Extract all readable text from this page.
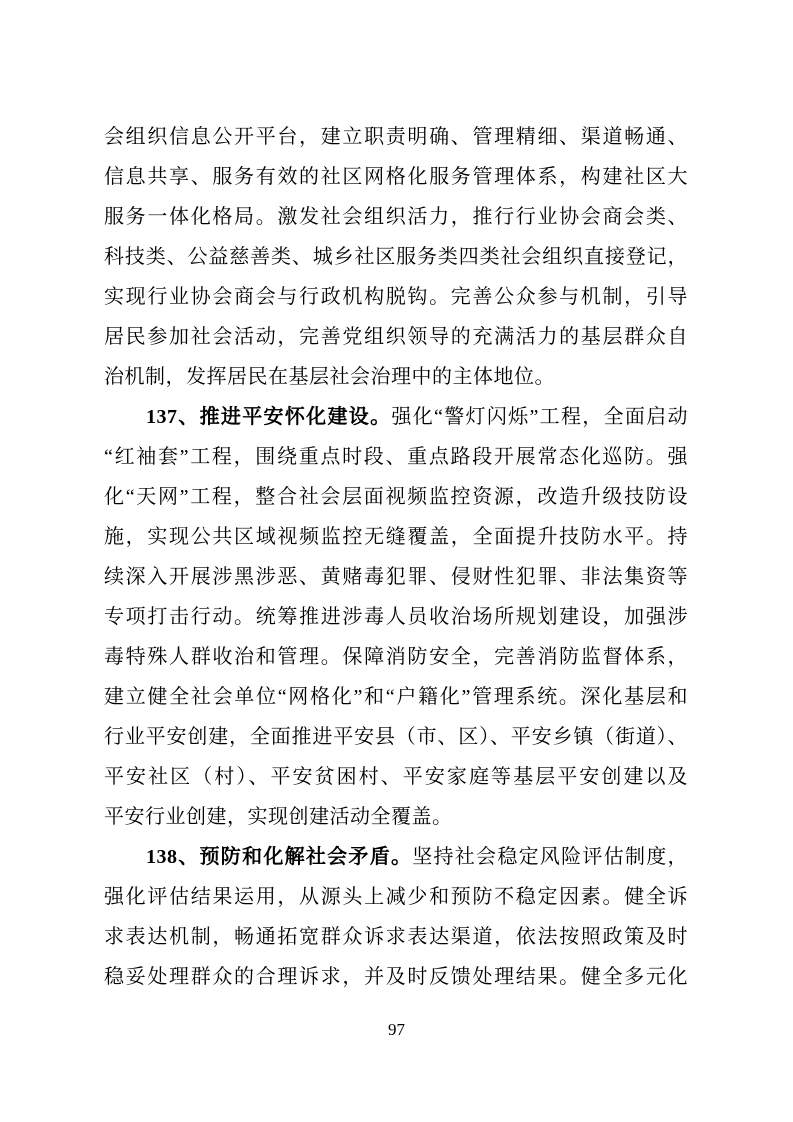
会组织信息公开平台，建立职责明确、管理精细、渠道畅通、
信息共享、服务有效的社区网格化服务管理体系，构建社区大
服务一体化格局。激发社会组织活力，推行行业协会商会类、
科技类、公益慈善类、城乡社区服务类四类社会组织直接登记，
实现行业协会商会与行政机构脱钩。完善公众参与机制，引导
居民参加社会活动，完善党组织领导的充满活力的基层群众自
治机制，发挥居民在基层社会治理中的主体地位。
137、推进平安怀化建设。强化“警灯闪烁”工程，全面启动
“红袖套”工程，围绕重点时段、重点路段开展常态化巡防。强
化“天网”工程，整合社会层面视频监控资源，改造升级技防设
施，实现公共区域视频监控无缝覆盖，全面提升技防水平。持
续深入开展涉黑涉恶、黄赌毒犯罪、侵财性犯罪、非法集资等
专项打击行动。统筹推进涉毒人员收治场所规划建设，加强涉
毒特殊人群收治和管理。保障消防安全，完善消防监督体系，
建立健全社会单位“网格化”和“户籍化”管理系统。深化基层和
行业平安创建，全面推进平安县（市、区）、平安乡镇（街道）、
平安社区（村）、平安贫困村、平安家庭等基层平安创建以及
平安行业创建，实现创建活动全覆盖。
138、预防和化解社会矛盾。坚持社会稳定风险评估制度，
强化评估结果运用，从源头上减少和预防不稳定因素。健全诉
求表达机制，畅通拓宽群众诉求表达渠道，依法按照政策及时
稳妥处理群众的合理诉求，并及时反馈处理结果。健全多元化
97
